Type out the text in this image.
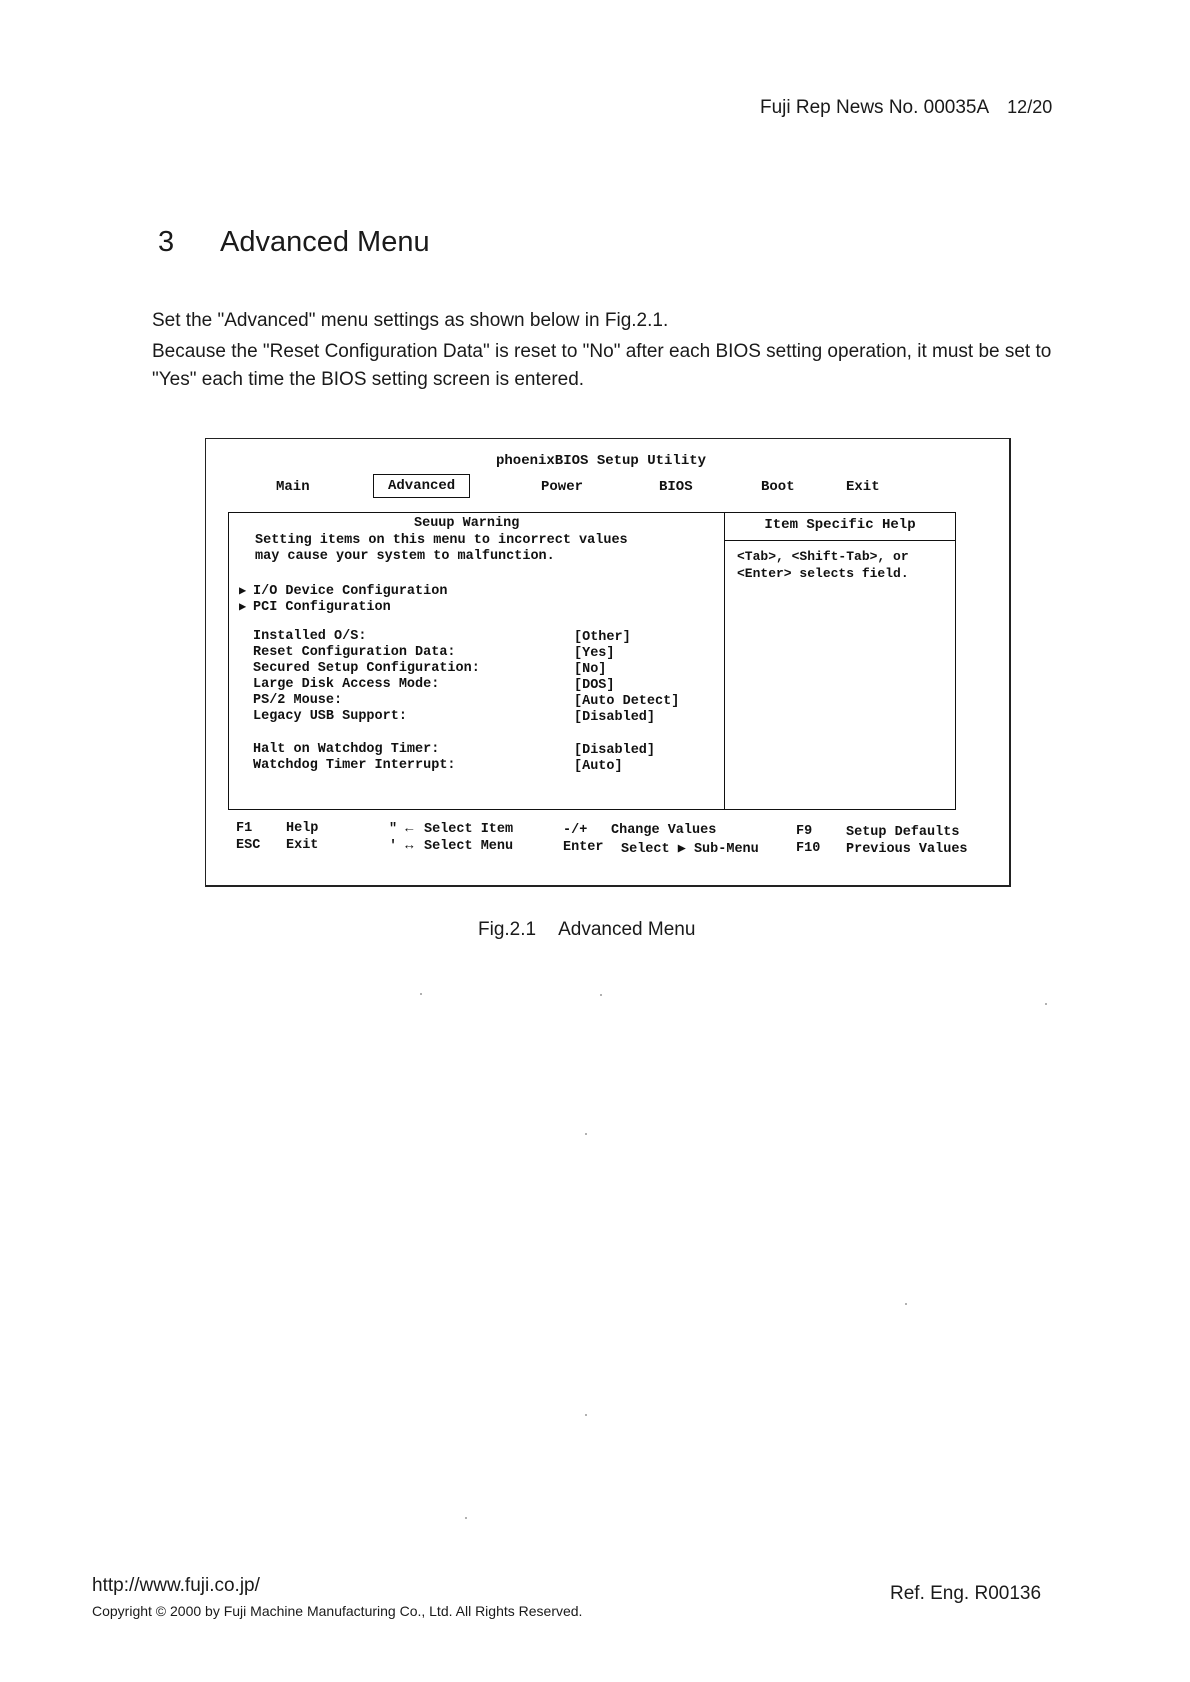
Fuji Rep News No. 00035A 12/20
3 Advanced Menu
Set the "Advanced" menu settings as shown below in Fig.2.1.
Because the "Reset Configuration Data" is reset to "No" after each BIOS setting operation, it must be set to "Yes" each time the BIOS setting screen is entered.
phoenixBIOS Setup Utility
Main	Advanced	Power	BIOS	Boot	Exit
Seuup Warning
Setting items on this menu to incorrect values
may cause your system to malfunction.
▶ I/O Device Configuration
▶ PCI Configuration
Installed O/S:	[Other]
Reset Configuration Data:	[Yes]
Secured Setup Configuration:	[No]
Large Disk Access Mode:	[DOS]
PS/2 Mouse:	[Auto Detect]
Legacy USB Support:	[Disabled]
Halt on Watchdog Timer:	[Disabled]
Watchdog Timer Interrupt:	[Auto]
Item Specific Help
<Tab>, <Shift-Tab>, or
<Enter> selects field.
F1	Help
ESC Exit
" ← Select Item
' ↔ Select Menu
-/+ Change Values
Enter Select ▶ Sub-Menu
F9	Setup Defaults
F10 Previous Values
Fig.2.1 Advanced Menu
http://www.fuji.co.jp/
Copyright © 2000 by Fuji Machine Manufacturing Co., Ltd. All Rights Reserved.
Ref. Eng. R00136
